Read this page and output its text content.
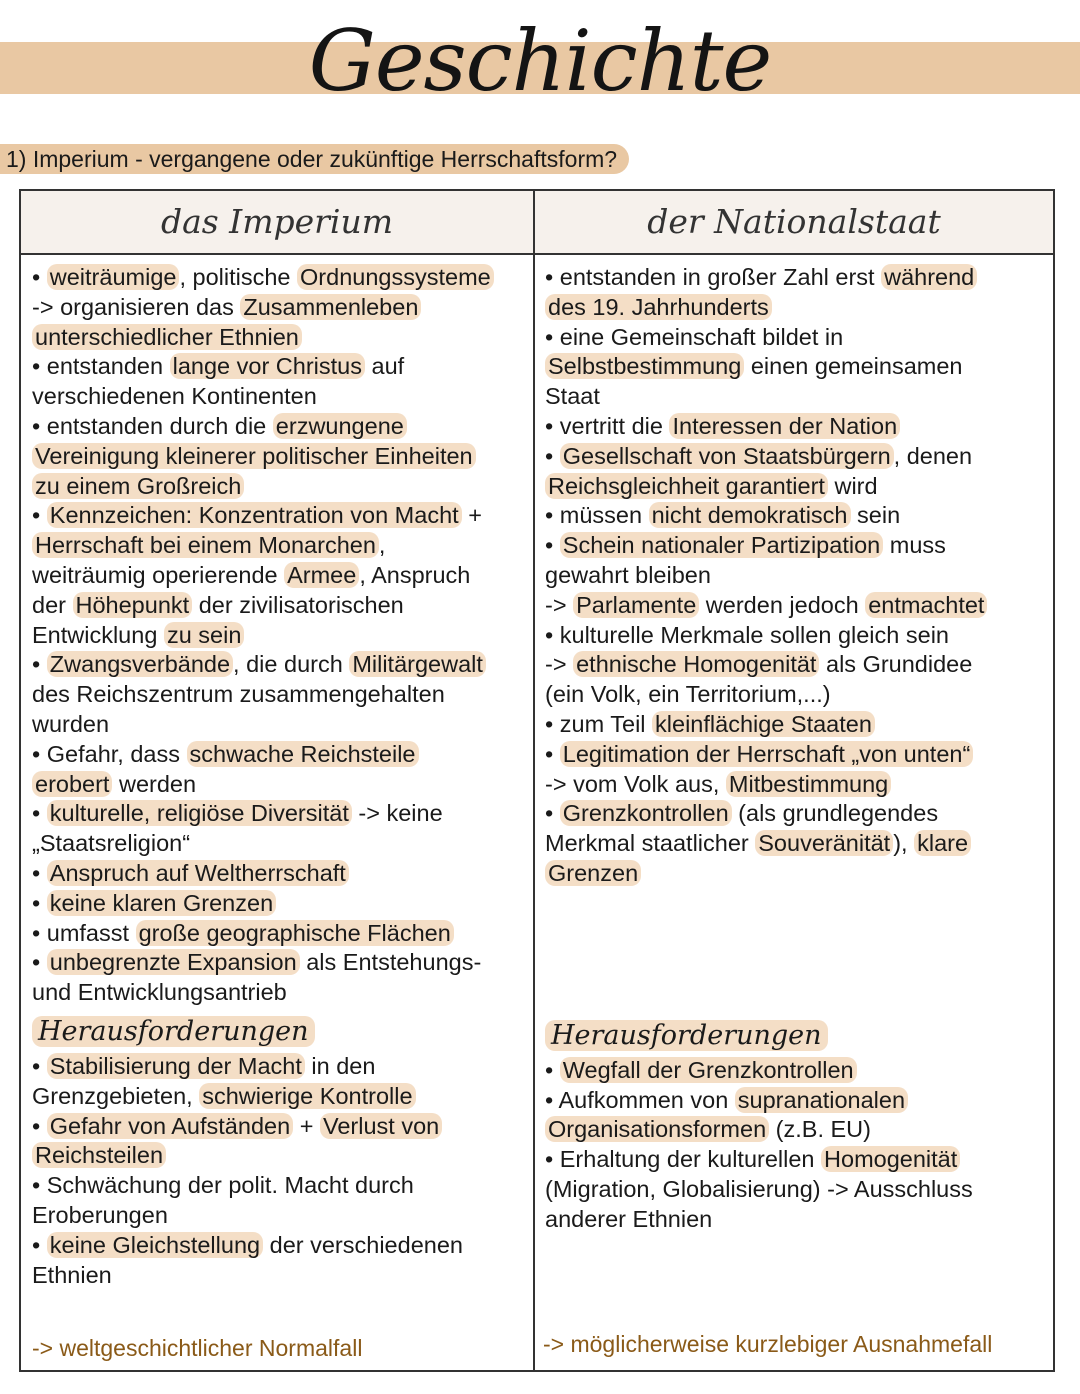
Geschichte
1) Imperium - vergangene oder zukünftige Herrschaftsform?
das Imperium	der Nationalstaat
• weiträumige , politische Ordnungssysteme
-> organisieren das Zusammenleben
unterschiedlicher Ethnien
• entstanden lange vor Christus auf
verschiedenen Kontinenten
• entstanden durch die erzwungene
Vereinigung kleinerer politischer Einheiten
zu einem Großreich
• Kennzeichen: Konzentration von Macht +
Herrschaft bei einem Monarchen ,
weiträumig operierende Armee , Anspruch
der Höhepunkt der zivilisatorischen
Entwicklung zu sein
• Zwangsverbände , die durch Militärgewalt
des Reichszentrum zusammengehalten
wurden
• Gefahr, dass schwache Reichsteile
erobert werden
• kulturelle, religiöse Diversität -> keine
„Staatsreligion“
• Anspruch auf Weltherrschaft
• keine klaren Grenzen
• umfasst große geographische Flächen
• unbegrenzte Expansion als Entstehungs-
und Entwicklungsantrieb
Herausforderungen
• Stabilisierung der Macht in den
Grenzgebieten, schwierige Kontrolle
• Gefahr von Aufständen + Verlust von
Reichsteilen
• Schwächung der polit. Macht durch
Eroberungen
• keine Gleichstellung der verschiedenen
Ethnien
• entstanden in großer Zahl erst während
des 19. Jahrhunderts
• eine Gemeinschaft bildet in
Selbstbestimmung einen gemeinsamen
Staat
• vertritt die Interessen der Nation
• Gesellschaft von Staatsbürgern , denen
Reichsgleichheit garantiert wird
• müssen nicht demokratisch sein
• Schein nationaler Partizipation muss
gewahrt bleiben
-> Parlamente werden jedoch entmachtet
• kulturelle Merkmale sollen gleich sein
-> ethnische Homogenität als Grundidee
(ein Volk, ein Territorium,...)
• zum Teil kleinflächige Staaten
• Legitimation der Herrschaft „von unten“
-> vom Volk aus, Mitbestimmung
• Grenzkontrollen (als grundlegendes
Merkmal staatlicher Souveränität ), klare
Grenzen
Herausforderungen
• Wegfall der Grenzkontrollen
• Aufkommen von supranationalen
Organisationsformen (z.B. EU)
• Erhaltung der kulturellen Homogenität
(Migration, Globalisierung) -> Ausschluss
anderer Ethnien
-> weltgeschichtlicher Normalfall	-> möglicherweise kurzlebiger Ausnahmefall
